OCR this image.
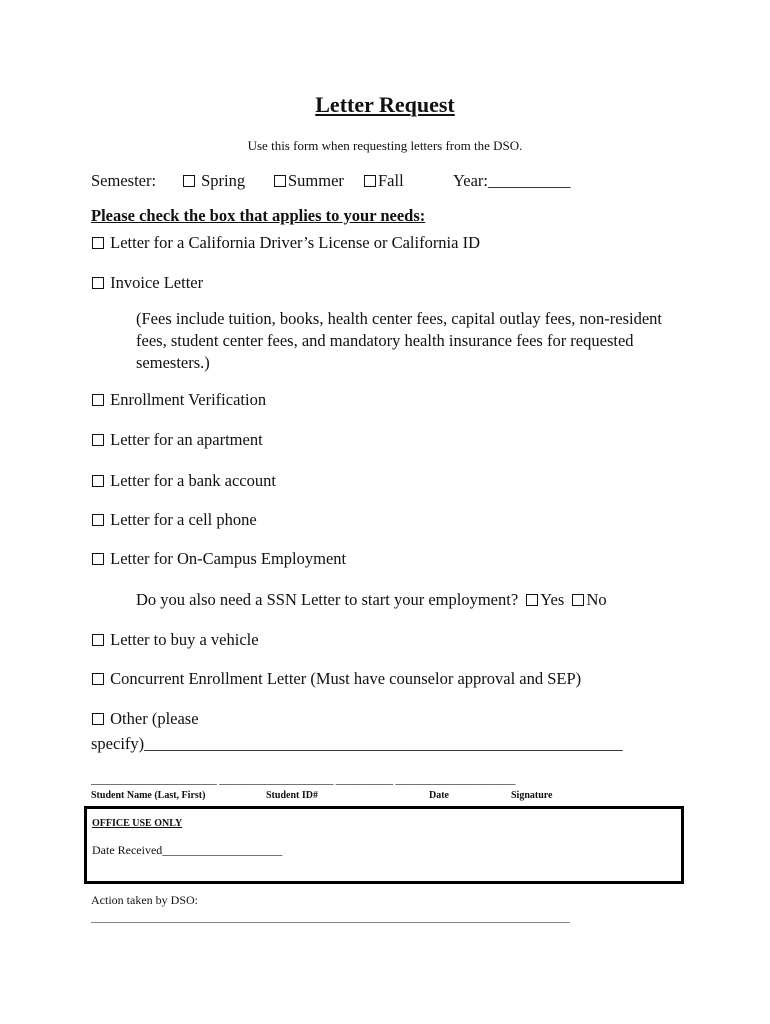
Letter Request
Use this form when requesting letters from the DSO.
Semester:	Spring	Summer	Fall	Year:__________
Please check the box that applies to your needs:
Letter for a California Driver’s License or California ID
Invoice Letter
(Fees include tuition, books, health center fees, capital outlay fees, non-resident fees, student center fees, and mandatory health insurance fees for requested semesters.)
Enrollment Verification
Letter for an apartment
Letter for a bank account
Letter for a cell phone
Letter for On-Campus Employment
Do you also need a SSN Letter to start your employment? Yes No
Letter to buy a vehicle
Concurrent Enrollment Letter (Must have counselor approval and SEP)
Other (please
specify)__________________________________________________________
______________________ ____________________ __________ _____________________
Student Name (Last, First)	Student ID#	Date	Signature
OFFICE USE ONLY
Date Received____________________
Action taken by DSO:
____________________________________________________________________________________________
